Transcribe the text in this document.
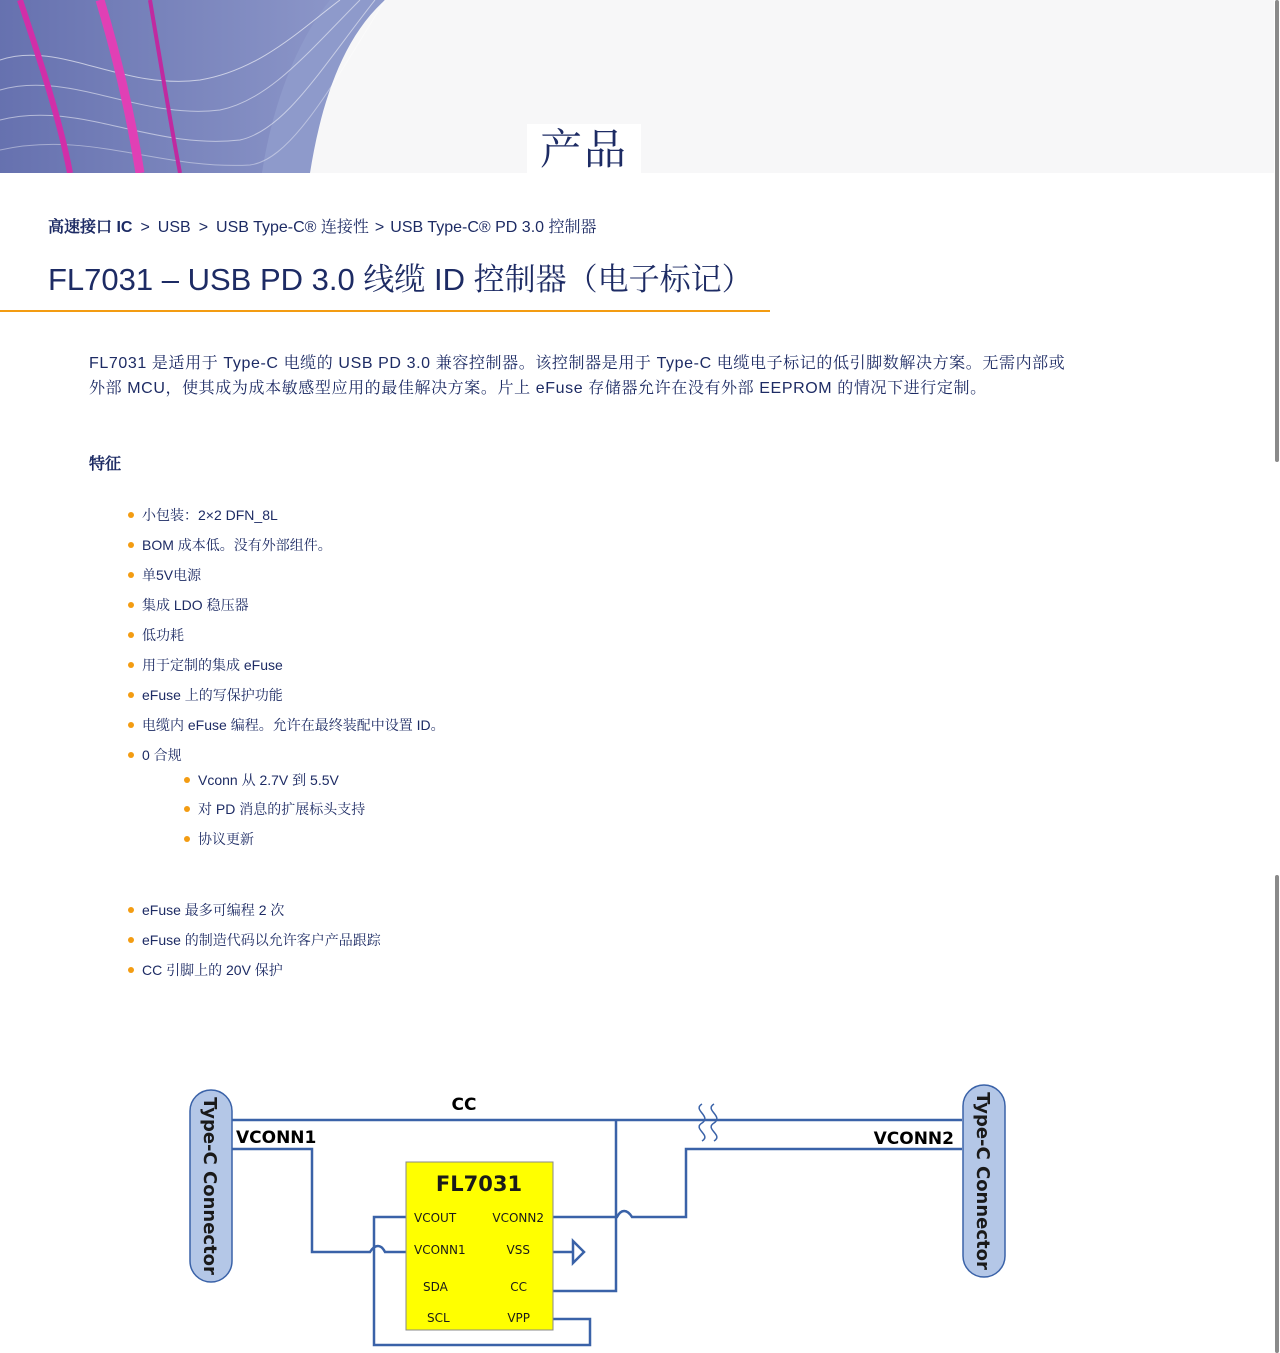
产品
高速接口 IC > USB > USB Type-C® 连接性 > USB Type-C® PD 3.0 控制器
FL7031 – USB PD 3.0 线缆 ID 控制器（电子标记）

FL7031 是适用于 Type-C 电缆的 USB PD 3.0 兼容控制器。该控制器是用于 Type-C 电缆电子标记的低引脚数解决方案。无需内部或外部 MCU，使其成为成本敏感型应用的最佳解决方案。片上 eFuse 存储器允许在没有外部 EEPROM 的情况下进行定制。

特征
小包装：2×2 DFN_8L
BOM 成本低。没有外部组件。
单5V电源
集成 LDO 稳压器
低功耗
用于定制的集成 eFuse
eFuse 上的写保护功能
电缆内 eFuse 编程。允许在最终装配中设置 ID。
0 合规
Vconn 从 2.7V 到 5.5V
对 PD 消息的扩展标头支持
协议更新
eFuse 最多可编程 2 次
eFuse 的制造代码以允许客户产品跟踪
CC 引脚上的 20V 保护
Type-C Connector	Type-C Connector
CC
VCONN1	VCONN2
FL7031
VCOUT
VCONN1
SDA
SCL
VCONN2
VSS
CC
VPP
